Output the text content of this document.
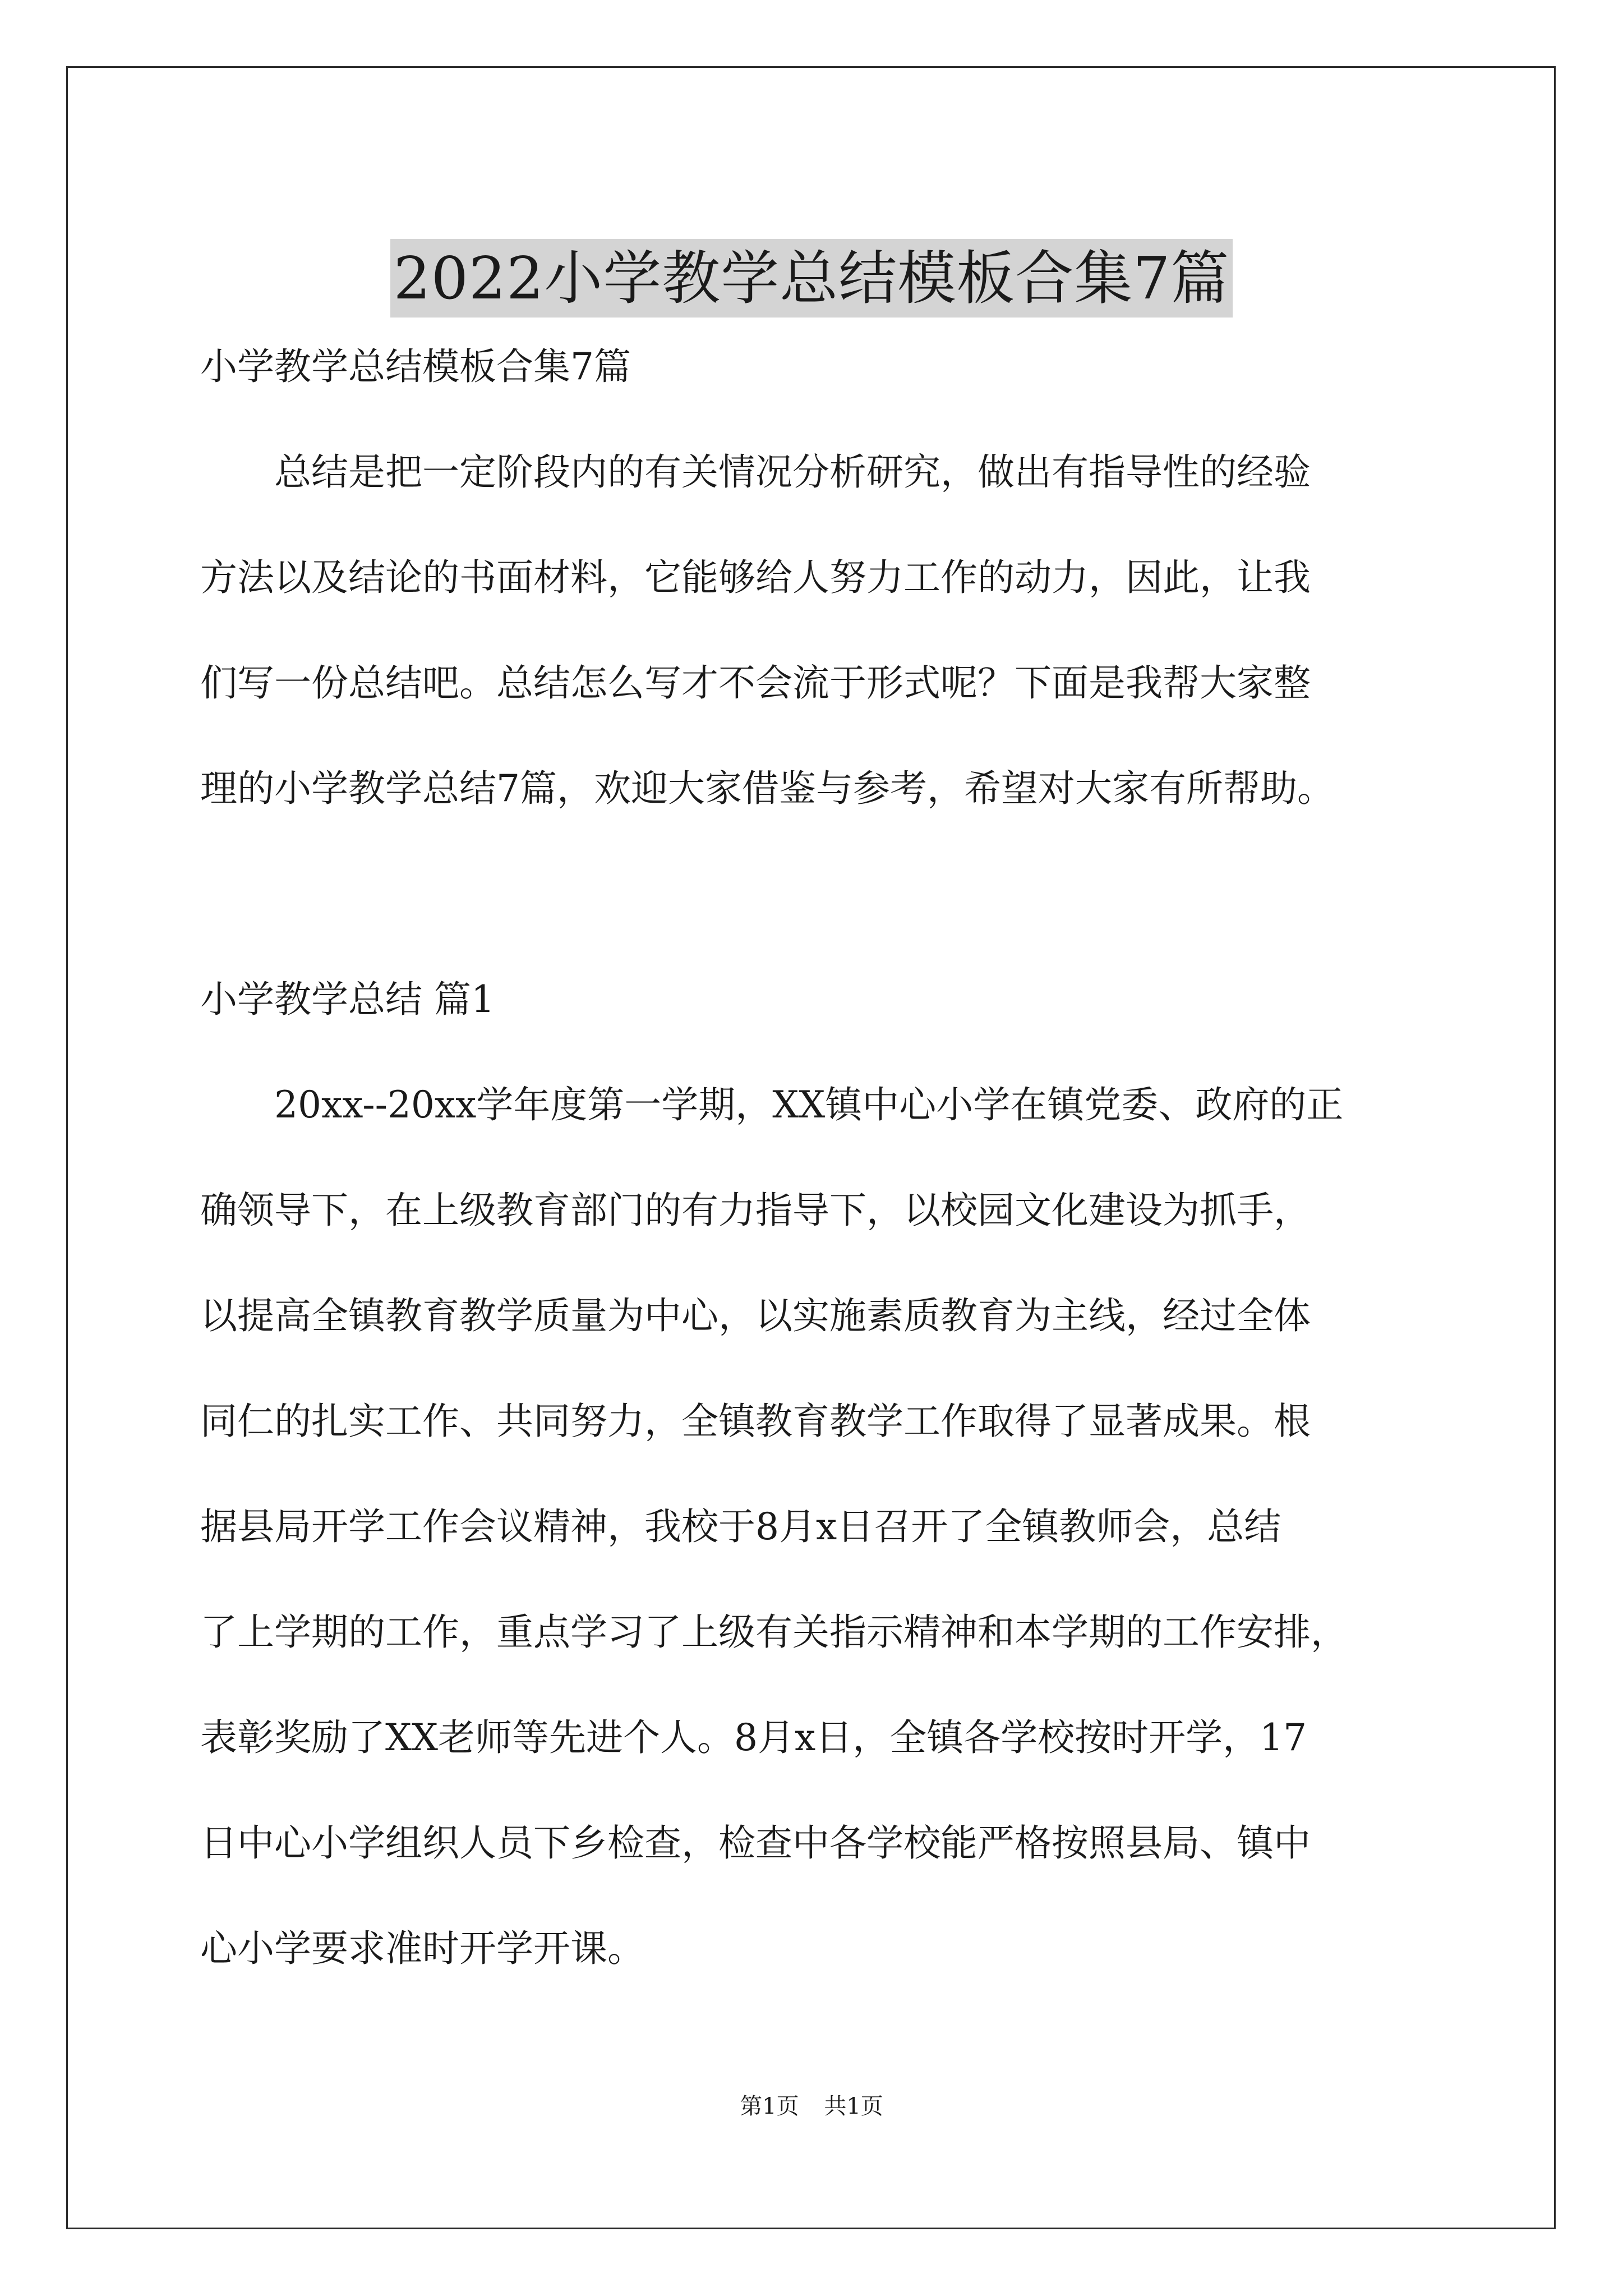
2022小学教学总结模板合集7篇
小学教学总结模板合集7篇
　　总结是把一定阶段内的有关情况分析研究，做出有指导性的经验
方法以及结论的书面材料，它能够给人努力工作的动力，因此，让我
们写一份总结吧。总结怎么写才不会流于形式呢？下面是我帮大家整
理的小学教学总结7篇，欢迎大家借鉴与参考，希望对大家有所帮助。
小学教学总结 篇1
　　20xx--20xx学年度第一学期，XX镇中心小学在镇党委、政府的正
确领导下，在上级教育部门的有力指导下，以校园文化建设为抓手，
以提高全镇教育教学质量为中心，以实施素质教育为主线，经过全体
同仁的扎实工作、共同努力，全镇教育教学工作取得了显著成果。根
据县局开学工作会议精神，我校于8月x日召开了全镇教师会，总结
了上学期的工作，重点学习了上级有关指示精神和本学期的工作安排，
表彰奖励了XX老师等先进个人。8月x日，全镇各学校按时开学，17
日中心小学组织人员下乡检查，检查中各学校能严格按照县局、镇中
心小学要求准时开学开课。
第1页 共1页
